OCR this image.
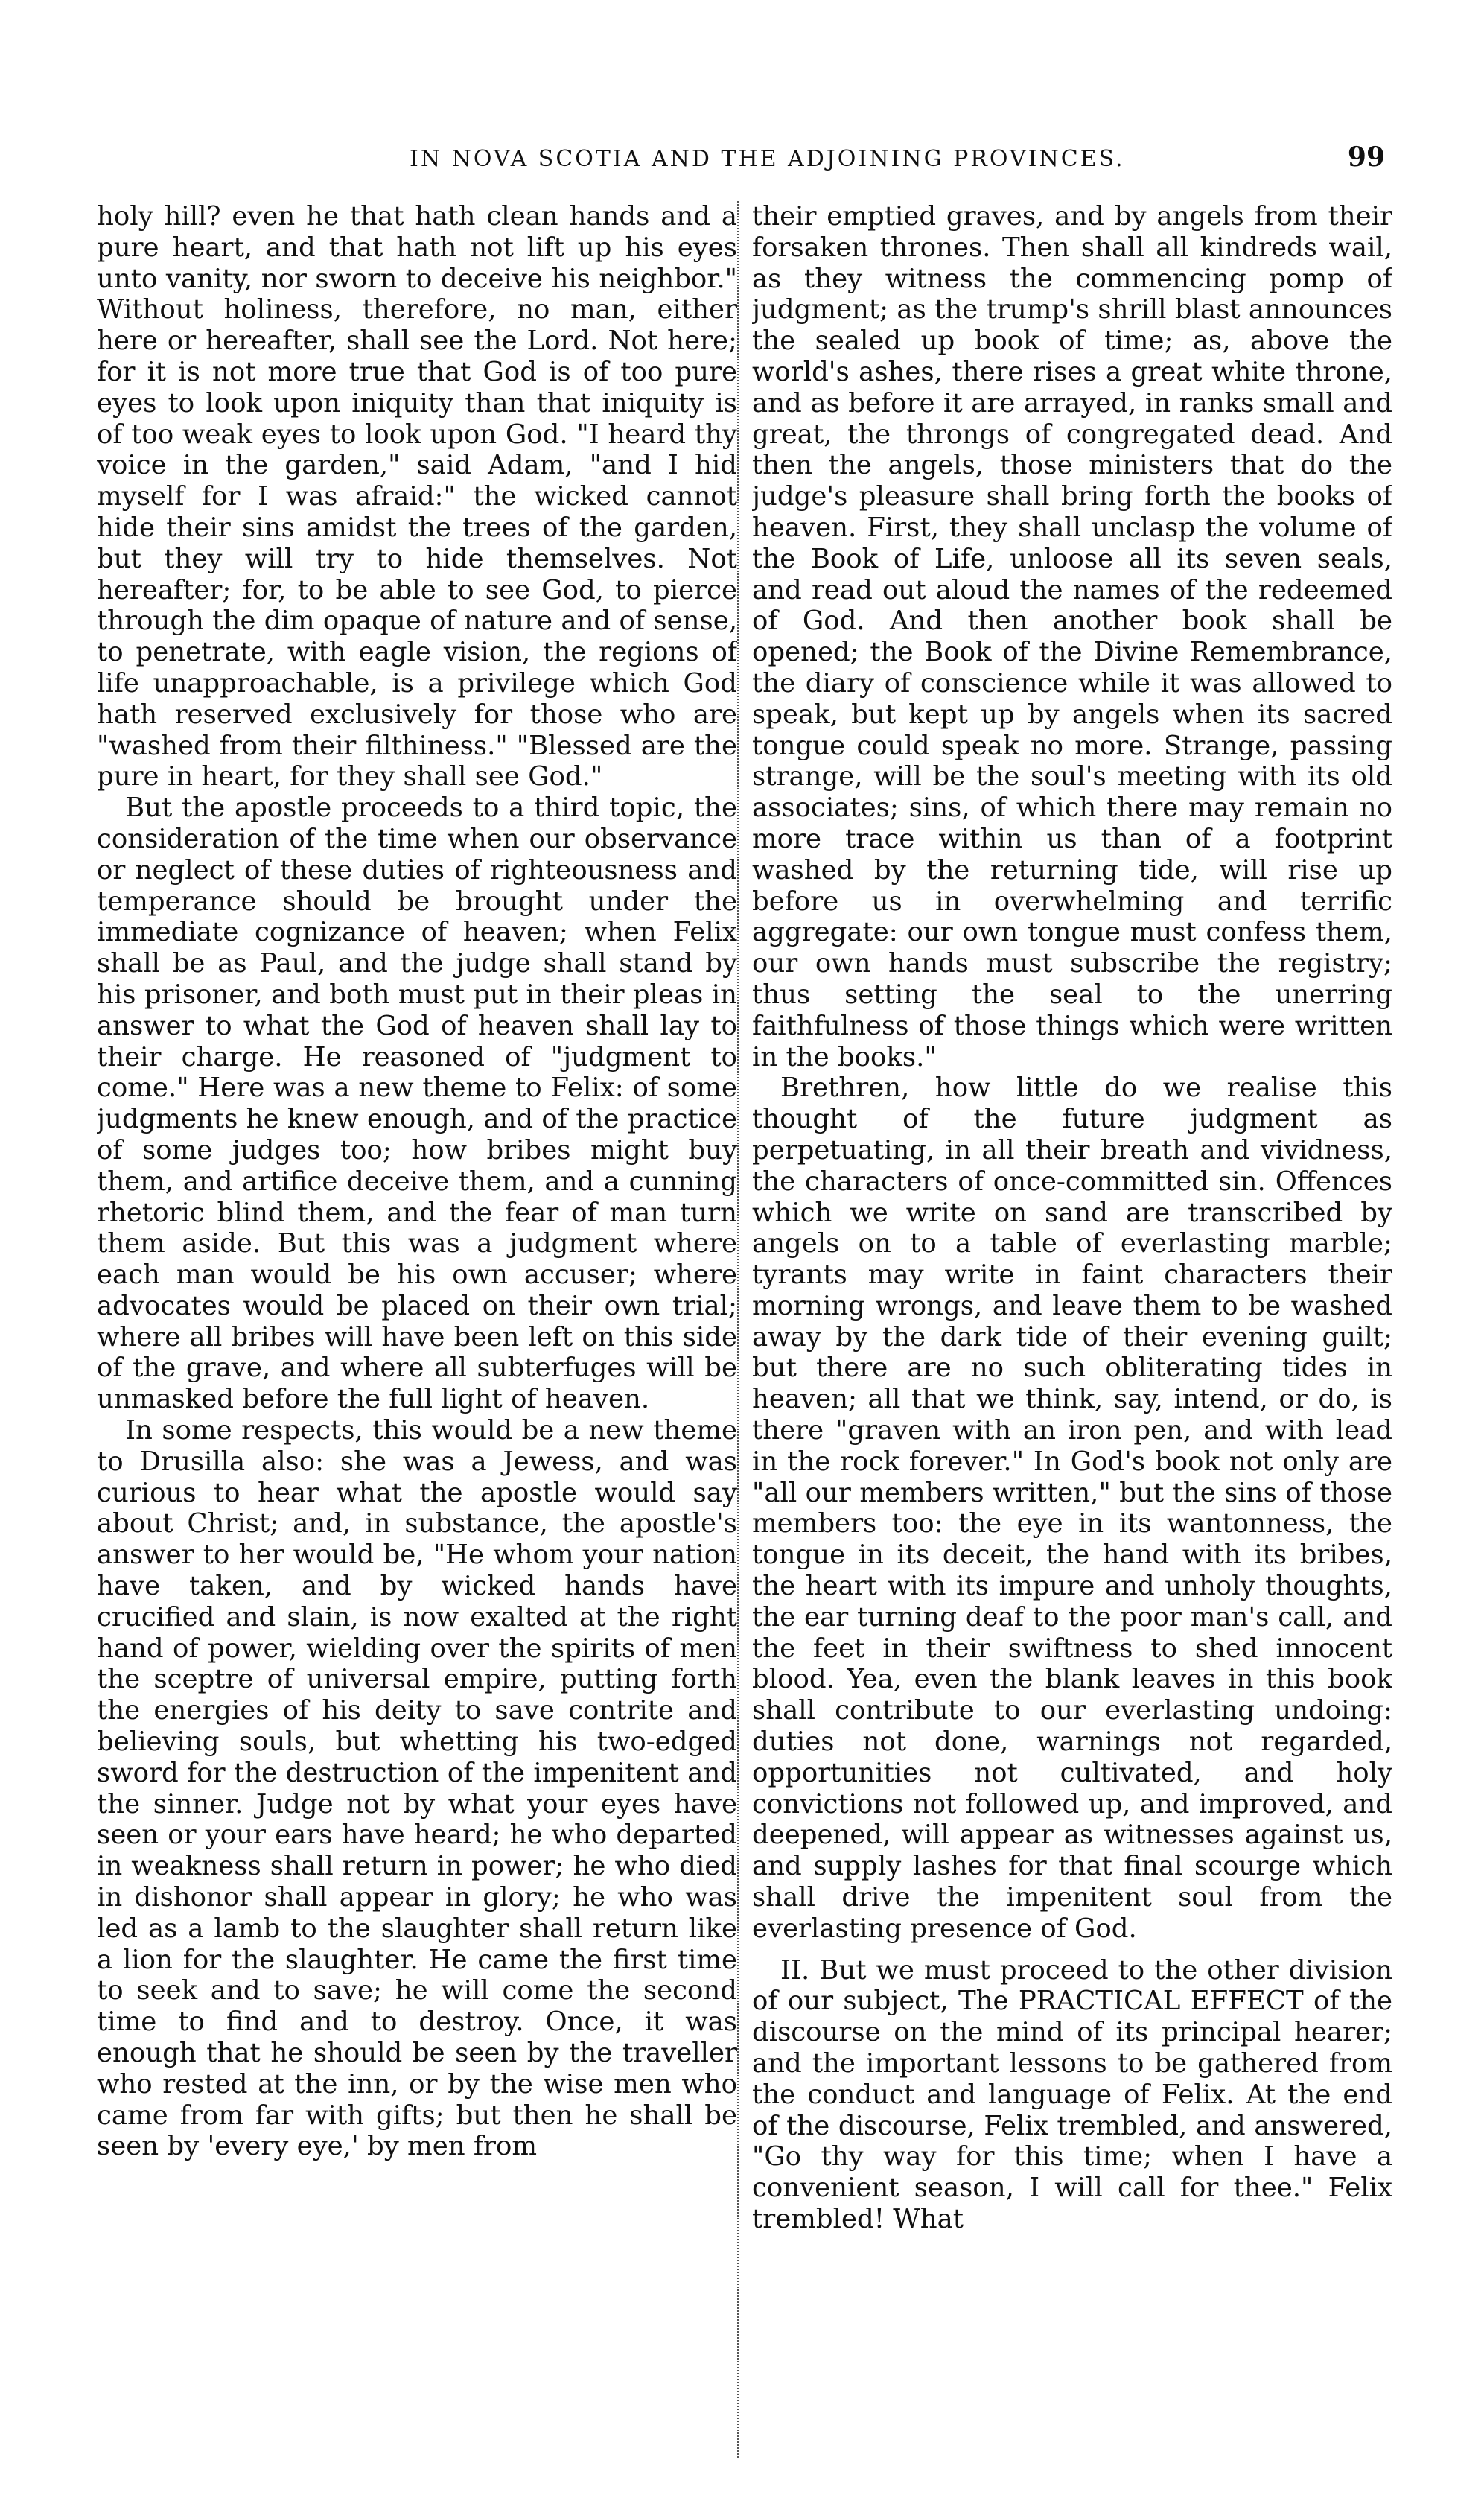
IN NOVA SCOTIA AND THE ADJOINING PROVINCES.	99

holy hill? even he that hath clean hands and a pure heart, and that hath not lift up his eyes unto vanity, nor sworn to deceive his neighbor." Without holiness, therefore, no man, either here or hereafter, shall see the Lord. Not here; for it is not more true that God is of too pure eyes to look upon iniquity than that iniquity is of too weak eyes to look upon God. "I heard thy voice in the garden," said Adam, "and I hid myself for I was afraid:" the wicked cannot hide their sins amidst the trees of the garden, but they will try to hide themselves. Not hereafter; for, to be able to see God, to pierce through the dim opaque of nature and of sense, to penetrate, with eagle vision, the regions of life unapproachable, is a privilege which God hath reserved exclusively for those who are "washed from their filthiness." "Blessed are the pure in heart, for they shall see God."

But the apostle proceeds to a third topic, the consideration of the time when our observance or neglect of these duties of righteousness and temperance should be brought under the immediate cognizance of heaven; when Felix shall be as Paul, and the judge shall stand by his prisoner, and both must put in their pleas in answer to what the God of heaven shall lay to their charge. He reasoned of "judgment to come." Here was a new theme to Felix: of some judgments he knew enough, and of the practice of some judges too; how bribes might buy them, and artifice deceive them, and a cunning rhetoric blind them, and the fear of man turn them aside. But this was a judgment where each man would be his own accuser; where advocates would be placed on their own trial; where all bribes will have been left on this side of the grave, and where all subterfuges will be unmasked before the full light of heaven.

In some respects, this would be a new theme to Drusilla also: she was a Jewess, and was curious to hear what the apostle would say about Christ; and, in substance, the apostle's answer to her would be, "He whom your nation have taken, and by wicked hands have crucified and slain, is now exalted at the right hand of power, wielding over the spirits of men the sceptre of universal empire, putting forth the energies of his deity to save contrite and believing souls, but whetting his two-edged sword for the destruction of the impenitent and the sinner. Judge not by what your eyes have seen or your ears have heard; he who departed in weakness shall return in power; he who died in dishonor shall appear in glory; he who was led as a lamb to the slaughter shall return like a lion for the slaughter. He came the first time to seek and to save; he will come the second time to find and to destroy. Once, it was enough that he should be seen by the traveller who rested at the inn, or by the wise men who came from far with gifts; but then he shall be seen by 'every eye,' by men from

their emptied graves, and by angels from their forsaken thrones. Then shall all kindreds wail, as they witness the commencing pomp of judgment; as the trump's shrill blast announces the sealed up book of time; as, above the world's ashes, there rises a great white throne, and as before it are arrayed, in ranks small and great, the throngs of congregated dead. And then the angels, those ministers that do the judge's pleasure shall bring forth the books of heaven. First, they shall unclasp the volume of the Book of Life, unloose all its seven seals, and read out aloud the names of the redeemed of God. And then another book shall be opened; the Book of the Divine Remembrance, the diary of conscience while it was allowed to speak, but kept up by angels when its sacred tongue could speak no more. Strange, passing strange, will be the soul's meeting with its old associates; sins, of which there may remain no more trace within us than of a footprint washed by the returning tide, will rise up before us in overwhelming and terrific aggregate: our own tongue must confess them, our own hands must subscribe the registry; thus setting the seal to the unerring faithfulness of those things which were written in the books."

Brethren, how little do we realise this thought of the future judgment as perpetuating, in all their breath and vividness, the characters of once-committed sin. Offences which we write on sand are transcribed by angels on to a table of everlasting marble; tyrants may write in faint characters their morning wrongs, and leave them to be washed away by the dark tide of their evening guilt; but there are no such obliterating tides in heaven; all that we think, say, intend, or do, is there "graven with an iron pen, and with lead in the rock forever." In God's book not only are "all our members written," but the sins of those members too: the eye in its wantonness, the tongue in its deceit, the hand with its bribes, the heart with its impure and unholy thoughts, the ear turning deaf to the poor man's call, and the feet in their swiftness to shed innocent blood. Yea, even the blank leaves in this book shall contribute to our everlasting undoing: duties not done, warnings not regarded, opportunities not cultivated, and holy convictions not followed up, and improved, and deepened, will appear as witnesses against us, and supply lashes for that final scourge which shall drive the impenitent soul from the everlasting presence of God.

II. But we must proceed to the other division of our subject, The PRACTICAL EFFECT of the discourse on the mind of its principal hearer; and the important lessons to be gathered from the conduct and language of Felix. At the end of the discourse, Felix trembled, and answered, "Go thy way for this time; when I have a convenient season, I will call for thee." Felix trembled! What
